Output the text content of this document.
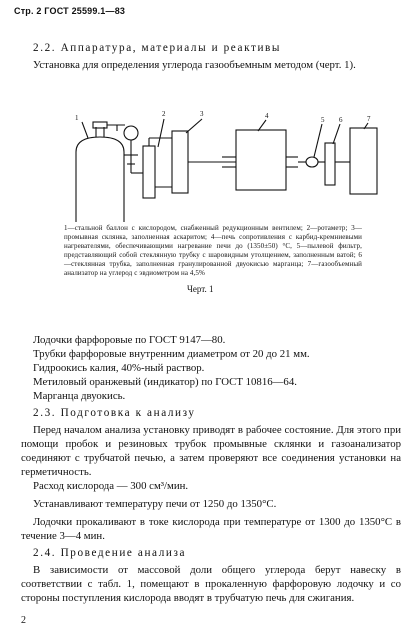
Стр. 2 ГОСТ 25599.1—83
2.2. Аппаратура, материалы и реактивы

Установка для определения углерода газообъемным методом (черт. 1).

1	2	3	4	5 6	7

1—стальной баллон с кислородом, снабженный редукционным вентилем; 2—ротаметр; 3—промывная склянка, заполненная аскаритом; 4—печь сопротивления с карбид-кремниевыми нагревателями, обеспечивающими нагревание печи до (1350±50) °С, 5—пылевой фильтр, представляющий собой стеклянную трубку с шаровидным утолщением, заполненным ватой; 6—стеклянная трубка, заполненная гранулированной двуокисью марганца; 7—газообъемный анализатор на углерод с эвдиометром на 4,5%

Черт. 1

Лодочки фарфоровые по ГОСТ 9147—80.

Трубки фарфоровые внутренним диаметром от 20 до 21 мм.

Гидроокись калия, 40%-ный раствор.

Метиловый оранжевый (индикатор) по ГОСТ 10816—64.

Марганца двуокись.

2.3. Подготовка к анализу

Перед началом анализа установку приводят в рабочее состояние. Для этого при помощи пробок и резиновых трубок промывные склянки и газоанализатор соединяют с трубчатой печью, а затем проверяют все соединения установки на герметичность.

Расход кислорода — 300 см³/мин.

Устанавливают температуру печи от 1250 до 1350°С.

Лодочки прокаливают в токе кислорода при температуре от 1300 до 1350°С в течение 3—4 мин.

2.4. Проведение анализа

В зависимости от массовой доли общего углерода берут навеску в соответствии с табл. 1, помещают в прокаленную фарфоровую лодочку и со стороны поступления кислорода вводят в трубчатую печь для сжигания.

2
